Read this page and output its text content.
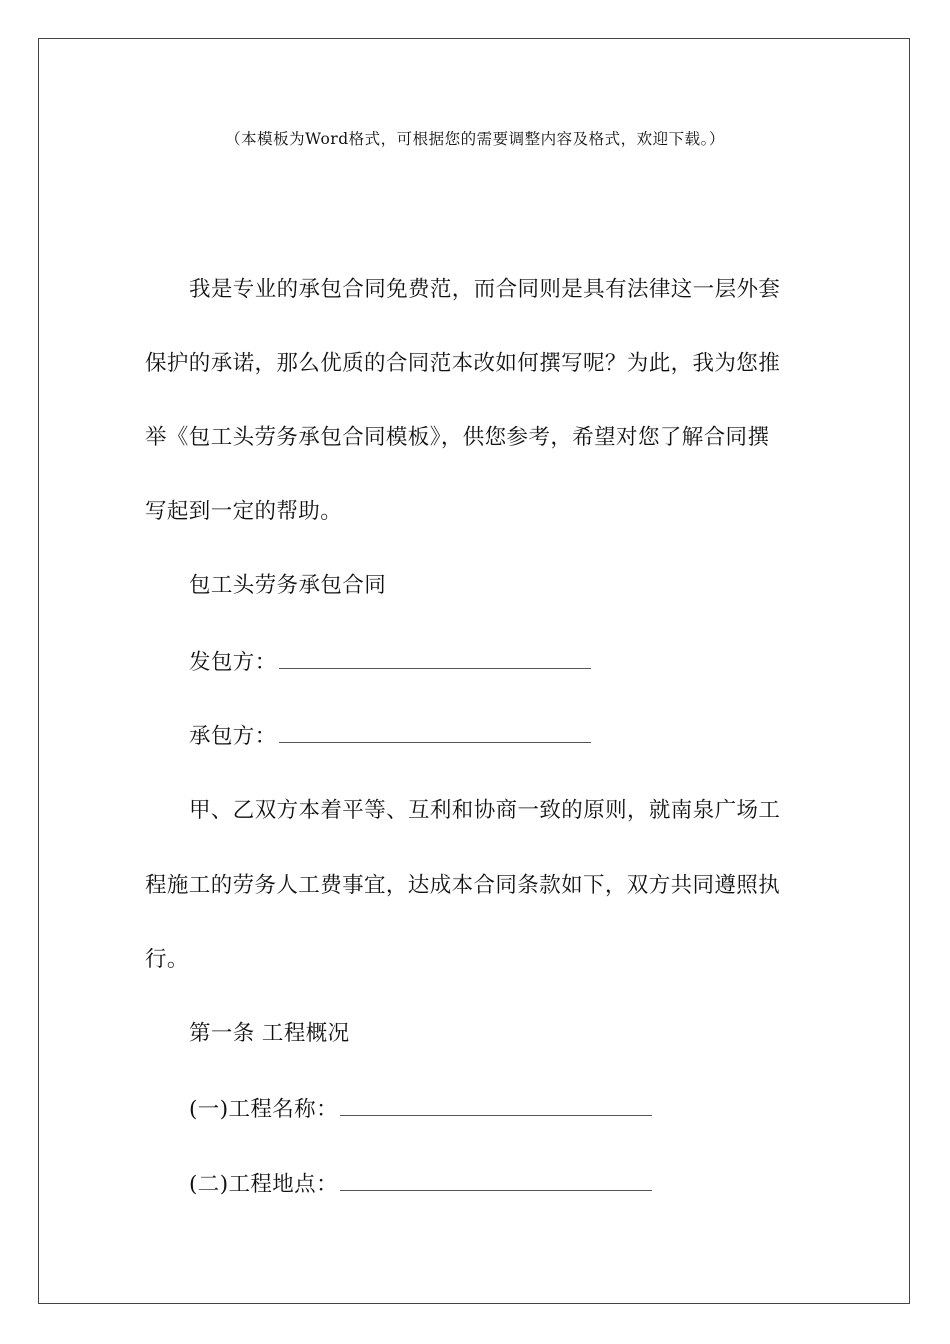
（本模板为Word格式，可根据您的需要调整内容及格式，欢迎下载。）
我是专业的承包合同免费范，而合同则是具有法律这一层外套
保护的承诺，那么优质的合同范本改如何撰写呢？为此，我为您推
举《包工头劳务承包合同模板》，供您参考，希望对您了解合同撰
写起到一定的帮助。
包工头劳务承包合同
发包方：
承包方：
甲、乙双方本着平等、互利和协商一致的原则，就南泉广场工
程施工的劳务人工费事宜，达成本合同条款如下，双方共同遵照执
行。
第一条 工程概况
(一)工程名称：
(二)工程地点：
